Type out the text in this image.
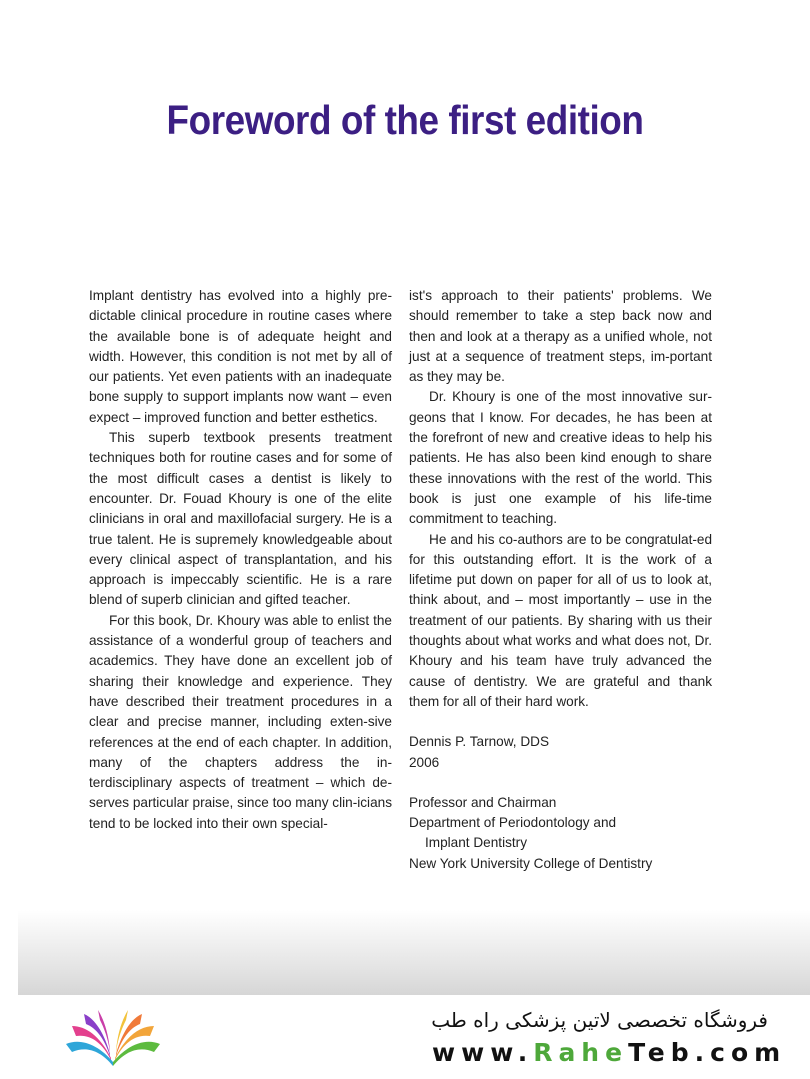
Foreword of the first edition

Implant dentistry has evolved into a highly pre-dictable clinical procedure in routine cases where the available bone is of adequate height and width. However, this condition is not met by all of our patients. Yet even patients with an inadequate bone supply to support implants now want – even expect – improved function and better esthetics.

This superb textbook presents treatment techniques both for routine cases and for some of the most difficult cases a dentist is likely to encounter. Dr. Fouad Khoury is one of the elite clinicians in oral and maxillofacial surgery. He is a true talent. He is supremely knowledgeable about every clinical aspect of transplantation, and his approach is impeccably scientific. He is a rare blend of superb clinician and gifted teacher.

For this book, Dr. Khoury was able to enlist the assistance of a wonderful group of teachers and academics. They have done an excellent job of sharing their knowledge and experience. They have described their treatment procedures in a clear and precise manner, including exten-sive references at the end of each chapter. In addition, many of the chapters address the in-terdisciplinary aspects of treatment – which de-serves particular praise, since too many clin-icians tend to be locked into their own special-

ist's approach to their patients' problems. We should remember to take a step back now and then and look at a therapy as a unified whole, not just at a sequence of treatment steps, im-portant as they may be.

Dr. Khoury is one of the most innovative sur-geons that I know. For decades, he has been at the forefront of new and creative ideas to help his patients. He has also been kind enough to share these innovations with the rest of the world. This book is just one example of his life-time commitment to teaching.

He and his co-authors are to be congratulat-ed for this outstanding effort. It is the work of a lifetime put down on paper for all of us to look at, think about, and – most importantly – use in the treatment of our patients. By sharing with us their thoughts about what works and what does not, Dr. Khoury and his team have truly advanced the cause of dentistry. We are grateful and thank them for all of their hard work.

Dennis P. Tarnow, DDS
2006
Professor and Chairman
Department of Periodontology and
Implant Dentistry
New York University College of Dentistry
فروشگاه تخصصی لاتین پزشکی راه طب
www.RaheTeb.com
